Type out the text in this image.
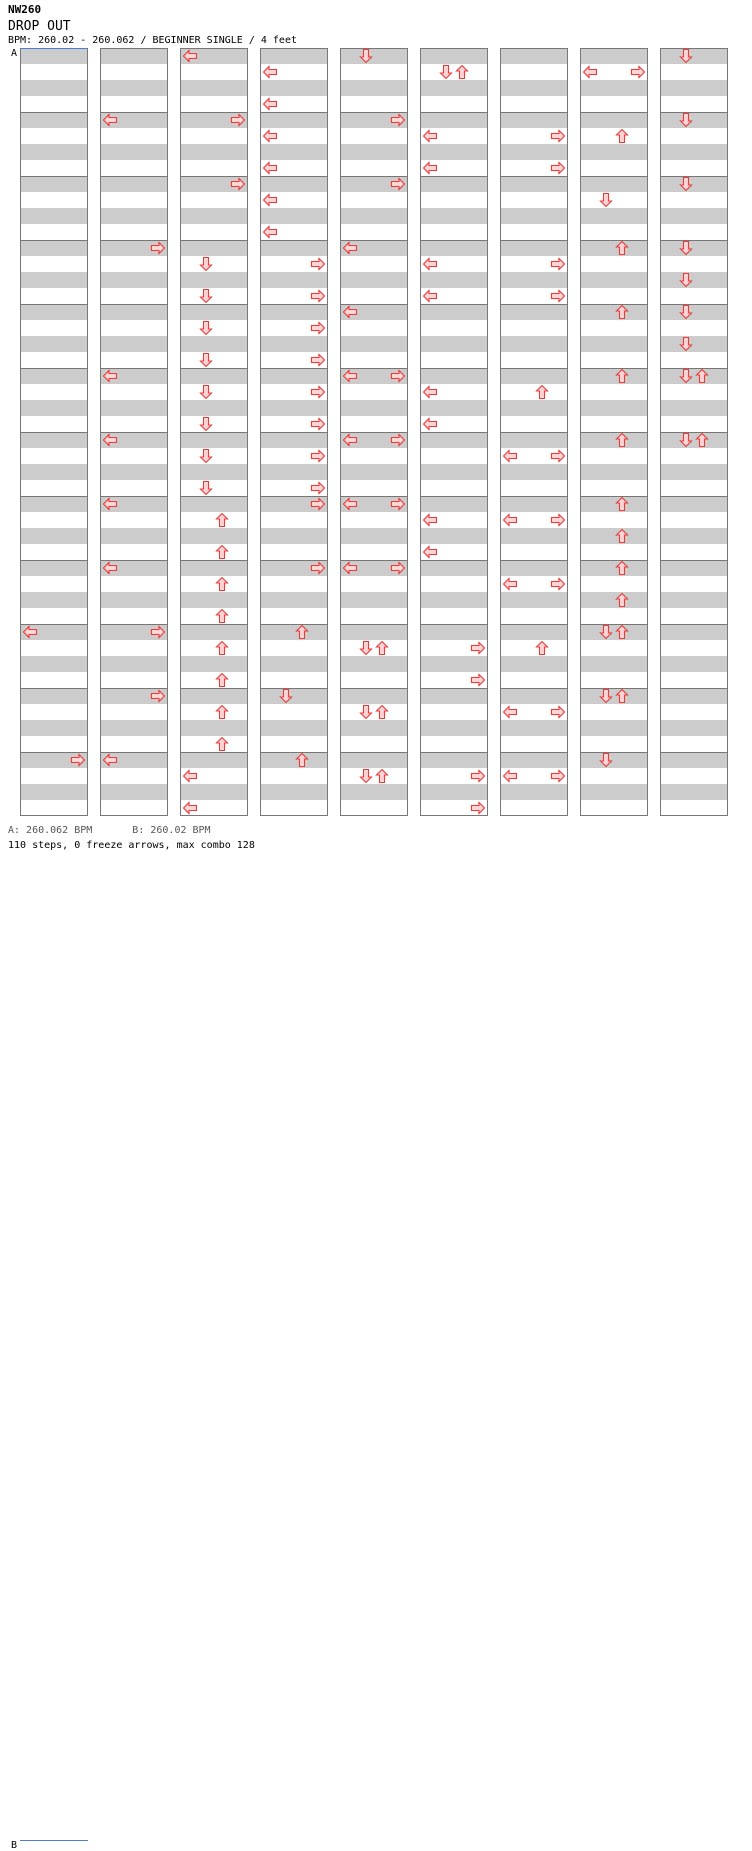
NW260
DROP OUT
BPM: 260.02 - 260.062 / BEGINNER SINGLE / 4 feet
A
B
A: 260.062 BPM	B: 260.02 BPM
110 steps, 0 freeze arrows, max combo 128
